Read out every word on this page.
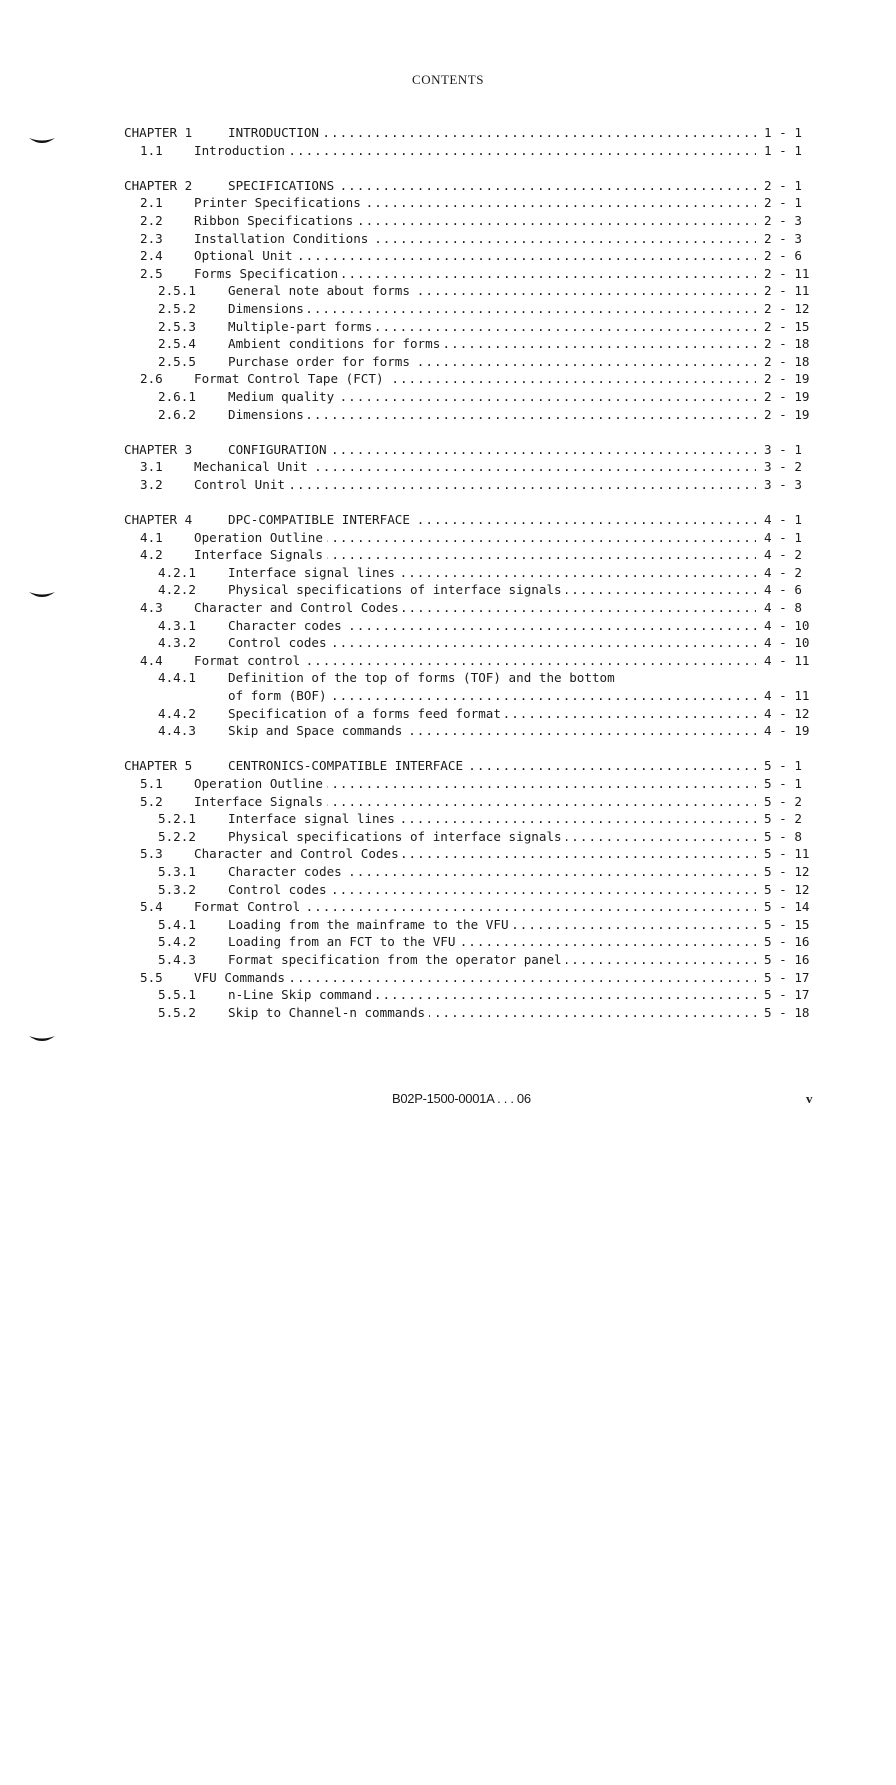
CONTENTS
CHAPTER 1	INTRODUCTION .....	1 - 1
1.1 Introduction .....	1 - 1
CHAPTER 2	SPECIFICATIONS .....	2 - 1
2.1 Printer Specifications .....	2 - 1
2.2 Ribbon Specifications .....	2 - 3
2.3 Installation Conditions .....	2 - 3
2.4 Optional Unit .....	2 - 6
2.5 Forms Specification .....	2 - 11
2.5.1	General note about forms .....	2 - 11
2.5.2	Dimensions .....	2 - 12
2.5.3	Multiple-part forms .....	2 - 15
2.5.4	Ambient conditions for forms .....	2 - 18
2.5.5	Purchase order for forms .....	2 - 18
2.6 Format Control Tape (FCT) .....	2 - 19
2.6.1	Medium quality .....	2 - 19
2.6.2	Dimensions .....	2 - 19
CHAPTER 3	CONFIGURATION .....	3 - 1
3.1 Mechanical Unit .....	3 - 2
3.2 Control Unit .....	3 - 3
CHAPTER 4	DPC-COMPATIBLE INTERFACE .....	4 - 1
4.1 Operation Outline .....	4 - 1
4.2 Interface Signals .....	4 - 2
4.2.1	Interface signal lines .....	4 - 2
4.2.2	Physical specifications of interface signals .....	4 - 6
4.3 Character and Control Codes .....	4 - 8
4.3.1	Character codes .....	4 - 10
4.3.2	Control codes .....	4 - 10
4.4 Format control .....	4 - 11
4.4.1	Definition of the top of forms (TOF) and the bottom
of form (BOF) .....	4 - 11
4.4.2	Specification of a forms feed format .....	4 - 12
4.4.3	Skip and Space commands .....	4 - 19
CHAPTER 5	CENTRONICS-COMPATIBLE INTERFACE .....	5 - 1
5.1 Operation Outline .....	5 - 1
5.2 Interface Signals .....	5 - 2
5.2.1	Interface signal lines .....	5 - 2
5.2.2	Physical specifications of interface signals .....	5 - 8
5.3 Character and Control Codes .....	5 - 11
5.3.1	Character codes .....	5 - 12
5.3.2	Control codes .....	5 - 12
5.4 Format Control .....	5 - 14
5.4.1	Loading from the mainframe to the VFU .....	5 - 15
5.4.2	Loading from an FCT to the VFU .....	5 - 16
5.4.3	Format specification from the operator panel .....	5 - 16
5.5 VFU Commands .....	5 - 17
5.5.1	n-Line Skip command .....	5 - 17
5.5.2	Skip to Channel-n commands .....	5 - 18
B02P-1500-0001A . . . 06	v
